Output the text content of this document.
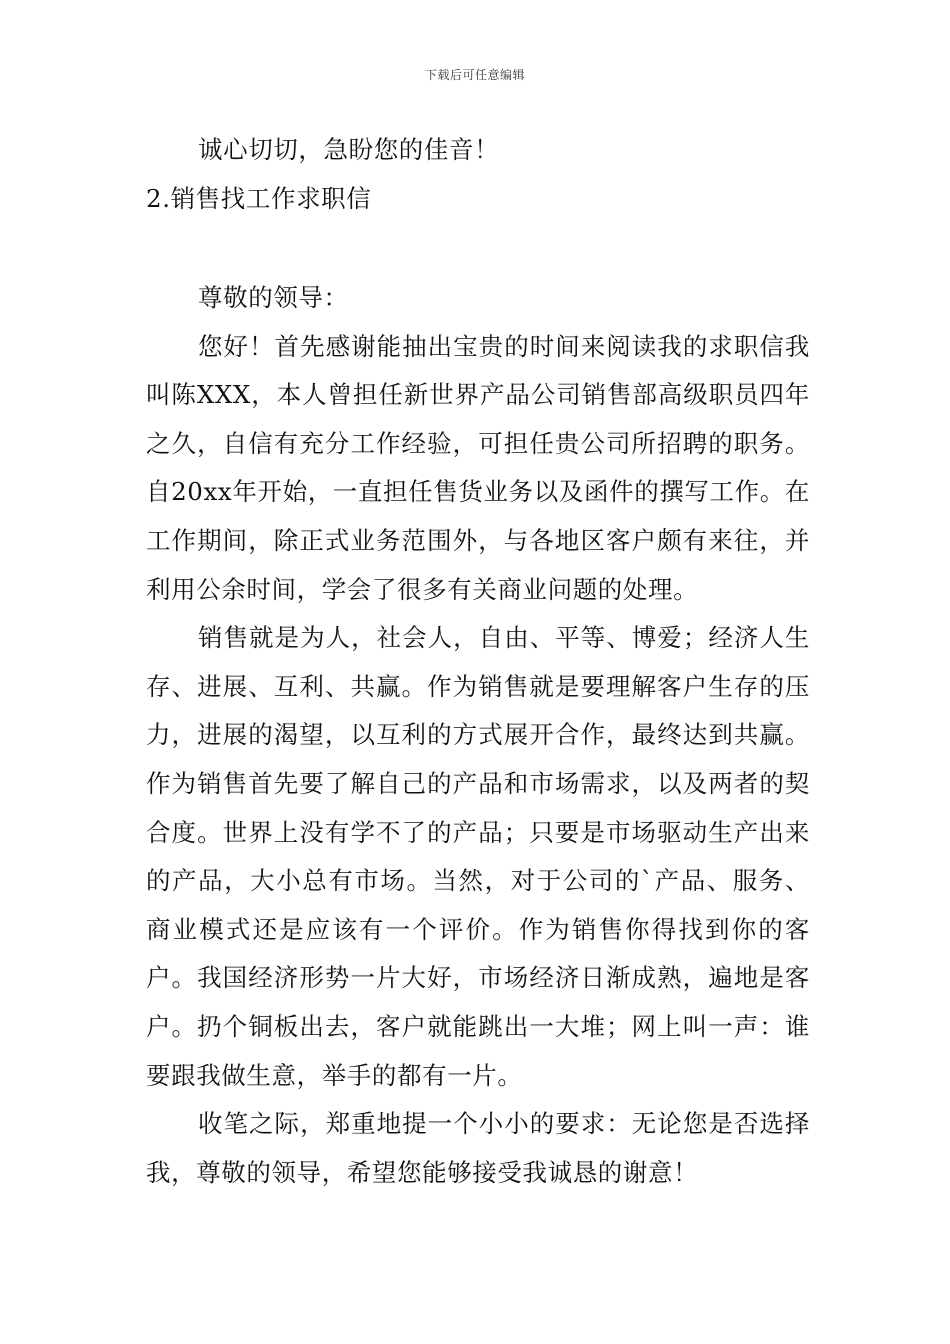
下载后可任意编辑

诚心切切，急盼您的佳音！

2.销售找工作求职信

尊敬的领导：

您好！首先感谢能抽出宝贵的时间来阅读我的求职信我叫陈XXX，本人曾担任新世界产品公司销售部高级职员四年之久，自信有充分工作经验，可担任贵公司所招聘的职务。自20xx年开始，一直担任售货业务以及函件的撰写工作。在工作期间，除正式业务范围外，与各地区客户颇有来往，并利用公余时间，学会了很多有关商业问题的处理。

销售就是为人，社会人，自由、平等、博爱；经济人生存、进展、互利、共赢。作为销售就是要理解客户生存的压力，进展的渴望，以互利的方式展开合作，最终达到共赢。作为销售首先要了解自己的产品和市场需求，以及两者的契合度。世界上没有学不了的产品；只要是市场驱动生产出来的产品，大小总有市场。当然，对于公司的`产品、服务、商业模式还是应该有一个评价。作为销售你得找到你的客户。我国经济形势一片大好，市场经济日渐成熟，遍地是客户。扔个铜板出去，客户就能跳出一大堆；网上叫一声：谁要跟我做生意，举手的都有一片。

收笔之际，郑重地提一个小小的要求：无论您是否选择我，尊敬的领导，希望您能够接受我诚恳的谢意！
